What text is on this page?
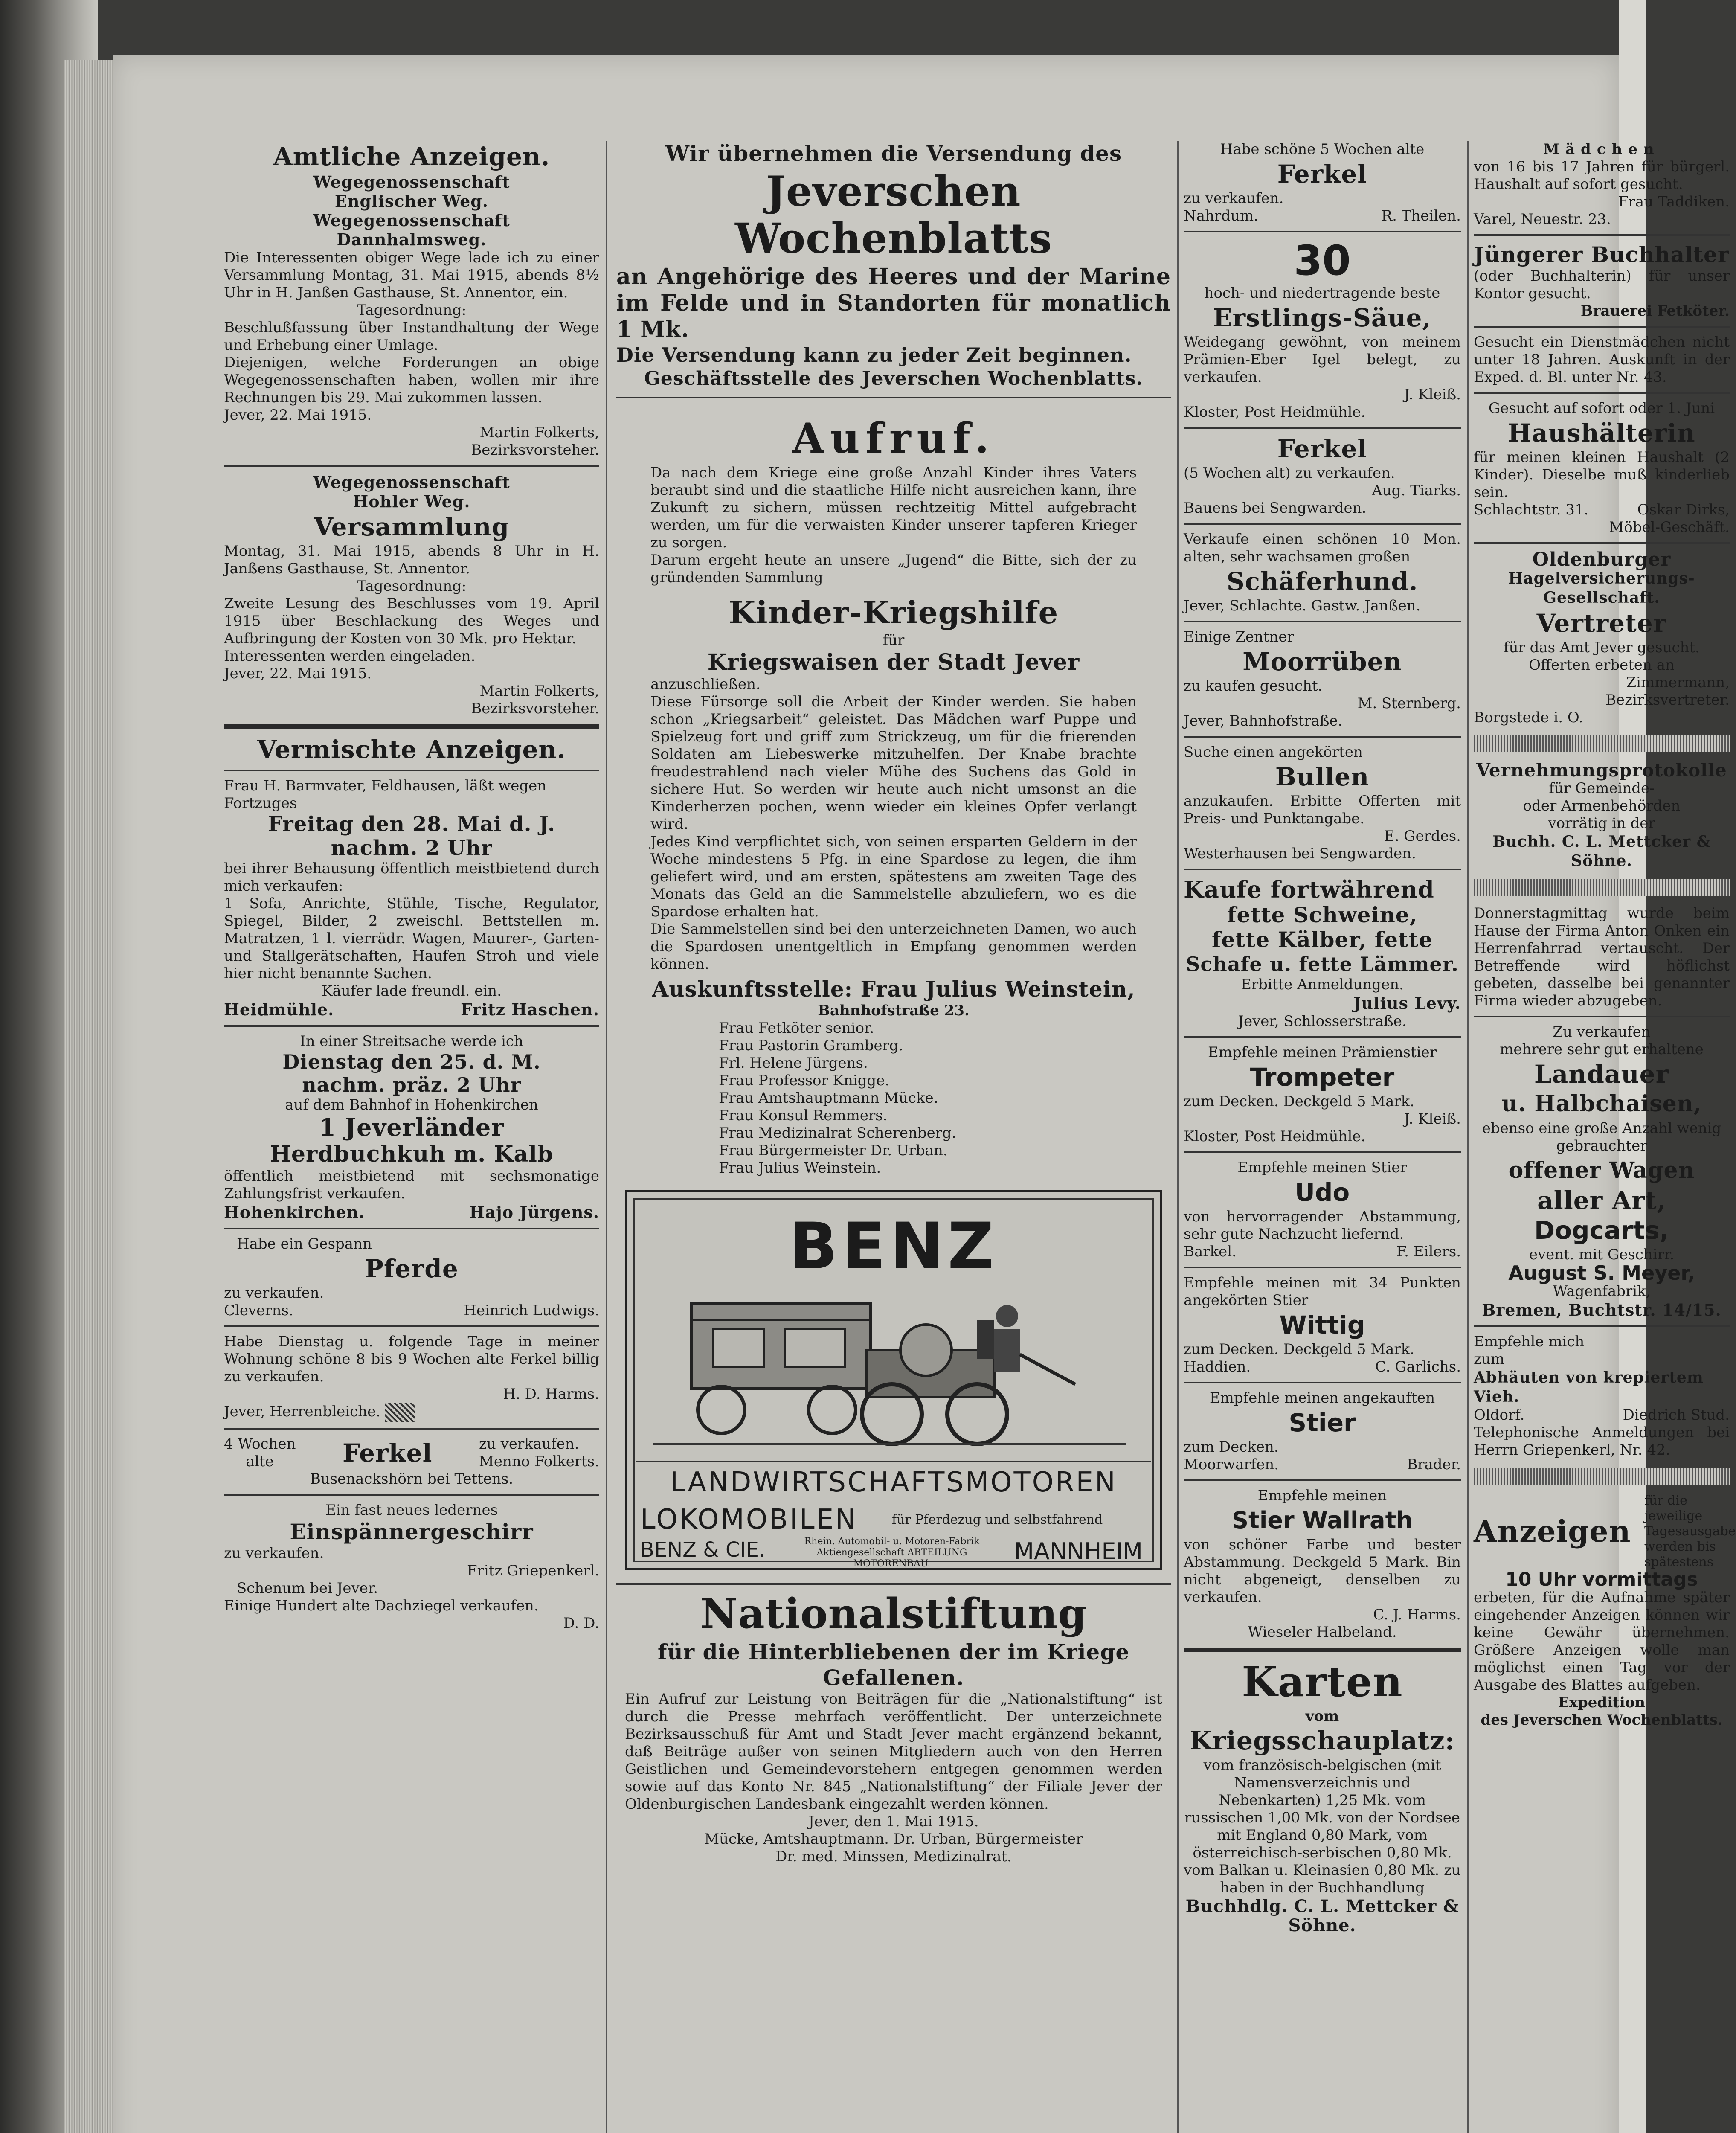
Amtliche Anzeigen.

Wegegenossenschaft

Englischer Weg.

Wegegenossenschaft

Dannhalmsweg.

Die Interessenten obiger Wege lade ich zu einer Versammlung Montag, 31. Mai 1915, abends 8½ Uhr in H. Janßen Gasthause, St. Annentor, ein.

Tagesordnung:

Beschlußfassung über Instandhaltung der Wege und Erhebung einer Umlage.

Diejenigen, welche Forderungen an obige Wegegenossenschaften haben, wollen mir ihre Rechnungen bis 29. Mai zukommen lassen.

Jever, 22. Mai 1915.

Martin Folkerts,

Bezirksvorsteher.

Wegegenossenschaft

Hohler Weg.

Versammlung

Montag, 31. Mai 1915, abends 8 Uhr in H. Janßens Gasthause, St. Annentor.

Tagesordnung:

Zweite Lesung des Beschlusses vom 19. April 1915 über Beschlackung des Weges und Aufbringung der Kosten von 30 Mk. pro Hektar.

Interessenten werden eingeladen.

Jever, 22. Mai 1915.

Martin Folkerts,

Bezirksvorsteher.

Vermischte Anzeigen.

Frau H. Barmvater, Feldhausen, läßt wegen Fortzuges

Freitag den 28. Mai d. J.

nachm. 2 Uhr

bei ihrer Behausung öffentlich meistbietend durch mich verkaufen:

1 Sofa, Anrichte, Stühle, Tische, Regulator, Spiegel, Bilder, 2 zweischl. Bettstellen m. Matratzen, 1 l. vierrädr. Wagen, Maurer-, Garten- und Stallgerätschaften, Haufen Stroh und viele hier nicht benannte Sachen.

Käufer lade freundl. ein.

Heidmühle.	Fritz Haschen.

In einer Streitsache werde ich

Dienstag den 25. d. M.

nachm. präz. 2 Uhr

auf dem Bahnhof in Hohenkirchen

1 Jeverländer

Herdbuchkuh m. Kalb

öffentlich meistbietend mit sechsmonatige Zahlungsfrist verkaufen.

Hohenkirchen.	Hajo Jürgens.

Habe ein Gespann

Pferde

zu verkaufen.

Cleverns.	Heinrich Ludwigs.

Habe Dienstag u. folgende Tage in meiner Wohnung schöne 8 bis 9 Wochen alte Ferkel billig zu verkaufen.

H. D. Harms.

Jever, Herrenbleiche.

4 Wochen

alte	Ferkel	zu verkaufen.

Menno Folkerts.

Busenackshörn bei Tettens.

Ein fast neues ledernes

Einspännergeschirr

zu verkaufen.

Fritz Griepenkerl.

Schenum bei Jever.

Einige Hundert alte Dachziegel verkaufen.

D. D.

Wir übernehmen die Versendung des

Jeverschen Wochenblatts

an Angehörige des Heeres und der Marine im Felde und in Standorten für monatlich 1 Mk.

Die Versendung kann zu jeder Zeit beginnen.

Geschäftsstelle des Jeverschen Wochenblatts.

Aufruf.

Da nach dem Kriege eine große Anzahl Kinder ihres Vaters beraubt sind und die staatliche Hilfe nicht ausreichen kann, ihre Zukunft zu sichern, müssen rechtzeitig Mittel aufgebracht werden, um für die verwaisten Kinder unserer tapferen Krieger zu sorgen.

Darum ergeht heute an unsere „Jugend“ die Bitte, sich der zu gründenden Sammlung

Kinder-Kriegshilfe

für

Kriegswaisen der Stadt Jever

anzuschließen.

Diese Fürsorge soll die Arbeit der Kinder werden. Sie haben schon „Kriegsarbeit“ geleistet. Das Mädchen warf Puppe und Spielzeug fort und griff zum Strickzeug, um für die frierenden Soldaten am Liebeswerke mitzuhelfen. Der Knabe brachte freudestrahlend nach vieler Mühe des Suchens das Gold in sichere Hut. So werden wir heute auch nicht umsonst an die Kinderherzen pochen, wenn wieder ein kleines Opfer verlangt wird.

Jedes Kind verpflichtet sich, von seinen ersparten Geldern in der Woche mindestens 5 Pfg. in eine Spardose zu legen, die ihm geliefert wird, und am ersten, spätestens am zweiten Tage des Monats das Geld an die Sammelstelle abzuliefern, wo es die Spardose erhalten hat.

Die Sammelstellen sind bei den unterzeichneten Damen, wo auch die Spardosen unentgeltlich in Empfang genommen werden können.

Auskunftsstelle: Frau Julius Weinstein,

Bahnhofstraße 23.

Frau Fetköter senior.

Frau Pastorin Gramberg.

Frl. Helene Jürgens.

Frau Professor Knigge.

Frau Amtshauptmann Mücke.

Frau Konsul Remmers.

Frau Medizinalrat Scherenberg.

Frau Bürgermeister Dr. Urban.

Frau Julius Weinstein.

BENZ
LANDWIRTSCHAFTSMOTOREN
LOKOMOBILEN	für Pferdezug und selbstfahrend
BENZ & CIE.	Rhein. Automobil- u. Motoren-Fabrik Aktiengesellschaft ABTEILUNG MOTORENBAU.	MANNHEIM

Nationalstiftung

für die Hinterbliebenen der im Kriege Gefallenen.

Ein Aufruf zur Leistung von Beiträgen für die „Nationalstiftung“ ist durch die Presse mehrfach veröffentlicht. Der unterzeichnete Bezirksausschuß für Amt und Stadt Jever macht ergänzend bekannt, daß Beiträge außer von seinen Mitgliedern auch von den Herren Geistlichen und Gemeindevorstehern entgegen genommen werden sowie auf das Konto Nr. 845 „Nationalstiftung“ der Filiale Jever der Oldenburgischen Landesbank eingezahlt werden können.

Jever, den 1. Mai 1915.

Mücke, Amtshauptmann. Dr. Urban, Bürgermeister

Dr. med. Minssen, Medizinalrat.

Habe schöne 5 Wochen alte

Ferkel

zu verkaufen.

Nahrdum.	R. Theilen.

30

hoch- und niedertragende beste

Erstlings-Säue,

Weidegang gewöhnt, von meinem Prämien-Eber Igel belegt, zu verkaufen.

J. Kleiß.

Kloster, Post Heidmühle.

Ferkel

(5 Wochen alt) zu verkaufen.

Aug. Tiarks.

Bauens bei Sengwarden.

Verkaufe einen schönen 10 Mon. alten, sehr wachsamen großen

Schäferhund.

Jever, Schlachte. Gastw. Janßen.

Einige Zentner

Moorrüben

zu kaufen gesucht.

M. Sternberg.

Jever, Bahnhofstraße.

Suche einen angekörten

Bullen

anzukaufen. Erbitte Offerten mit Preis- und Punktangabe.

E. Gerdes.

Westerhausen bei Sengwarden.

Kaufe fortwährend

fette Schweine,

fette Kälber, fette

Schafe u. fette Lämmer.

Erbitte Anmeldungen.

Julius Levy.

Jever, Schlosserstraße.

Empfehle meinen Prämienstier

Trompeter

zum Decken. Deckgeld 5 Mark.

J. Kleiß.

Kloster, Post Heidmühle.

Empfehle meinen Stier

Udo

von hervorragender Abstammung, sehr gute Nachzucht liefernd.

Barkel.	F. Eilers.

Empfehle meinen mit 34 Punkten angekörten Stier

Wittig

zum Decken. Deckgeld 5 Mark.

Haddien.	C. Garlichs.

Empfehle meinen angekauften

Stier

zum Decken.

Moorwarfen.	Brader.

Empfehle meinen

Stier Wallrath

von schöner Farbe und bester Abstammung. Deckgeld 5 Mark. Bin nicht abgeneigt, denselben zu verkaufen.

C. J. Harms.

Wieseler Halbeland.

Karten

vom

Kriegsschauplatz:

vom französisch-belgischen (mit Namensverzeichnis und Nebenkarten) 1,25 Mk. vom russischen 1,00 Mk. von der Nordsee mit England 0,80 Mark, vom österreichisch-serbischen 0,80 Mk. vom Balkan u. Kleinasien 0,80 Mk. zu haben in der Buchhandlung

Buchhdlg. C. L. Mettcker & Söhne.

Mädchen

von 16 bis 17 Jahren für bürgerl. Haushalt auf sofort gesucht.

Frau Taddiken.

Varel, Neuestr. 23.

Jüngerer Buchhalter

(oder Buchhalterin) für unser Kontor gesucht.

Brauerei Fetköter.

Gesucht ein Dienstmädchen nicht unter 18 Jahren. Auskunft in der Exped. d. Bl. unter Nr. 43.

Gesucht auf sofort oder 1. Juni

Haushälterin

für meinen kleinen Haushalt (2 Kinder). Dieselbe muß kinderlieb sein.

Schlachtstr. 31.	Oskar Dirks, Möbel-Geschäft.

Oldenburger

Hagelversicherungs-Gesellschaft.

Vertreter

für das Amt Jever gesucht. Offerten erbeten an

Zimmermann,

Bezirksvertreter.

Borgstede i. O.

Vernehmungsprotokolle

für Gemeinde-

oder Armenbehörden

vorrätig in der

Buchh. C. L. Mettcker & Söhne.

Donnerstagmittag wurde beim Hause der Firma Anton Onken ein Herrenfahrrad vertauscht. Der Betreffende wird höflichst gebeten, dasselbe bei genannter Firma wieder abzugeben.

Zu verkaufen

mehrere sehr gut erhaltene

Landauer

u. Halbchaisen,

ebenso eine große Anzahl wenig gebrauchter

offener Wagen

aller Art,

Dogcarts,

event. mit Geschirr.

August S. Meyer,

Wagenfabrik,

Bremen, Buchtstr. 14/15.

Empfehle mich

zum

Abhäuten von krepiertem Vieh.

Oldorf.	Diedrich Stud.

Telephonische Anmeldungen bei Herrn Griepenkerl, Nr. 42.

Anzeigen
für die jeweilige Tagesausgabe werden bis spätestens

10 Uhr vormittags

erbeten, für die Aufnahme später eingehender Anzeigen können wir keine Gewähr übernehmen. Größere Anzeigen wolle man möglichst einen Tag vor der Ausgabe des Blattes aufgeben.

Expedition

des Jeverschen Wochenblatts.
